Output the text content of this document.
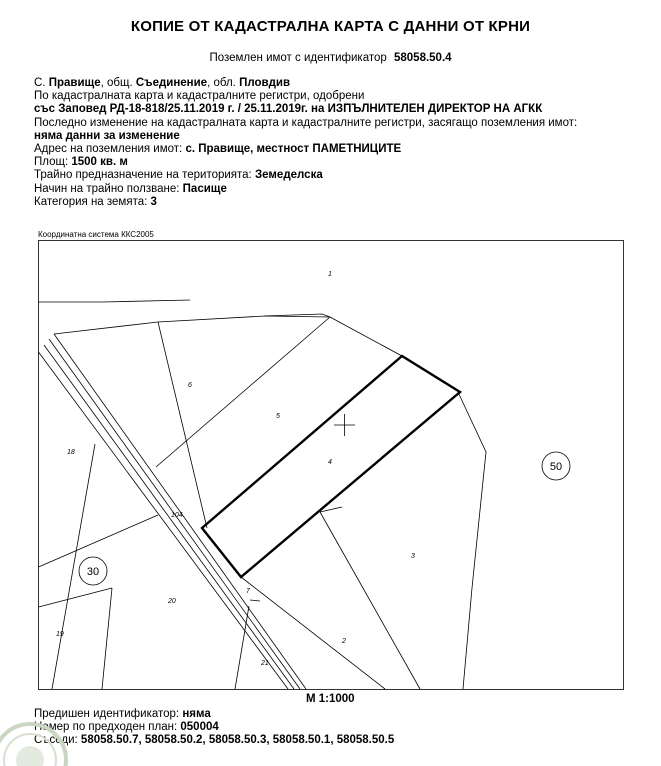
КОПИЕ ОТ КАДАСТРАЛНА КАРТА С ДАННИ ОТ КРНИ
Поземлен имот с идентификатор 58058.50.4
С. Правище, общ. Съединение, обл. Пловдив
По кадастралната карта и кадастралните регистри, одобрени
със Заповед РД-18-818/25.11.2019 г. / 25.11.2019г. на ИЗПЪЛНИТЕЛЕН ДИРЕКТОР НА АГКК
Последно изменение на кадастралната карта и кадастралните регистри, засягащо поземления имот:
няма данни за изменение
Адрес на поземления имот: с. Правище, местност ПАМЕТНИЦИТЕ
Площ: 1500 кв. м
Трайно предназначение на територията: Земеделска
Начин на трайно ползване: Пасище
Категория на земята: 3
Координатна система ККС2005
1
2
3
4
5
6
7
18
19
20
21
104
50
30
М 1:1000
Предишен идентификатор: няма
Номер по предходен план: 050004
Съседи: 58058.50.7, 58058.50.2, 58058.50.3, 58058.50.1, 58058.50.5
